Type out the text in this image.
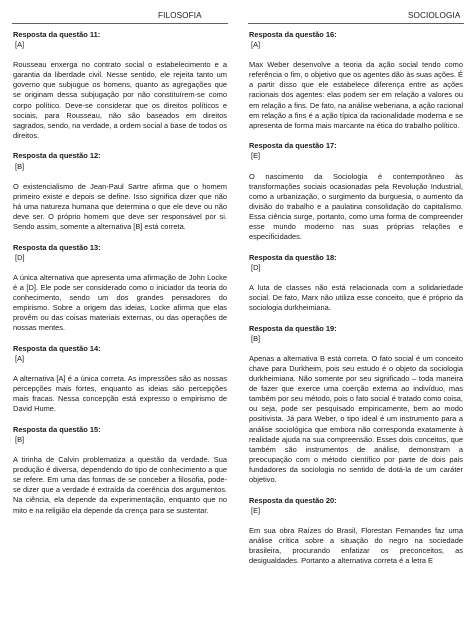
FILOSOFIA	SOCIOLOGIA
Resposta da questão 11:
[A]
Rousseau enxerga no contrato social o estabelecimento e a garantia da liberdade civil. Nesse sentido, ele rejeita tanto um governo que subjugue os homens, quanto as agregações que se originam dessa subjugação por não constituírem-se como corpo político. Deve-se considerar que os direitos políticos e sociais, para Rousseau, não são baseados em direitos sagrados, sendo, na verdade, a ordem social a base de todos os direitos.
Resposta da questão 12:
[B]
O existencialismo de Jean-Paul Sartre afirma que o homem primeiro existe e depois se define. Isso significa dizer que não há uma natureza humana que determina o que ele deve ou não deve ser. O próprio homem que deve ser responsável por si. Sendo assim, somente a alternativa [B] está correta.
Resposta da questão 13:
[D]
A única alternativa que apresenta uma afirmação de John Locke é a [D]. Ele pode ser considerado como o iniciador da teoria do conhecimento, sendo um dos grandes pensadores do empirismo. Sobre a origem das ideias, Locke afirma que elas provêm ou das coisas materiais externas, ou das operações de nossas mentes.
Resposta da questão 14:
[A]
A alternativa [A] é a única correta. As impressões são as nossas percepções mais fortes, enquanto as ideias são percepções mais fracas. Nessa concepção está expresso o empirismo de David Hume.
Resposta da questão 15:
[B]
A tirinha de Calvin problematiza a questão da verdade. Sua produção é diversa, dependendo do tipo de conhecimento a que se refere. Em uma das formas de se conceber a filosofia, pode-se dizer que a verdade é extraída da coerência dos argumentos. Na ciência, ela depende da experimentação, enquanto que no mito e na religião ela depende da crença para se sustentar.
Resposta da questão 16:
[A]
Max Weber desenvolve a teoria da ação social tendo como referência o fim, o objetivo que os agentes dão às suas ações. É a partir disso que ele estabelece diferença entre as ações racionais dos agentes: elas podem ser em relação a valores ou em relação a fins. De fato, na análise weberiana, a ação racional em relação a fins é a ação típica da racionalidade moderna e se apresenta de forma mais marcante na ética do trabalho político.
Resposta da questão 17:
[E]
O nascimento da Sociologia é contemporâneo às transformações sociais ocasionadas pela Revolução Industrial, como a urbanização, o surgimento da burguesia, o aumento da divisão do trabalho e a paulatina consolidação do capitalismo. Essa ciência surge, portanto, como uma forma de compreender esse mundo moderno nas suas próprias relações e especificidades.
Resposta da questão 18:
[D]
A luta de classes não está relacionada com a solidariedade social. De fato, Marx não utiliza esse conceito, que é próprio da sociologia durkheimiana.
Resposta da questão 19:
[B]
Apenas a alternativa B está correta. O fato social é um conceito chave para Durkheim, pois seu estudo é o objeto da sociologia durkheimiana. Não somente por seu significado – toda maneira de fazer que exerce uma coerção externa ao indivíduo, mas também por seu método, pois o fato social é tratado como coisa, ou seja, pode ser pesquisado empiricamente, bem ao modo positivista. Já para Weber, o tipo ideal é um instrumento para a análise sociológica que embora não corresponda exatamente à realidade ajuda na sua compreensão. Esses dois conceitos, que também são instrumentos de análise, demonstram a preocupação com o método científico por parte de dois pais fundadores da sociologia no sentido de dotá-la de um caráter objetivo.
Resposta da questão 20:
[E]
Em sua obra Raízes do Brasil, Florestan Fernandes faz uma análise crítica sobre a situação do negro na sociedade brasileira, procurando enfatizar os preconceitos, as desigualdades. Portanto a alternativa correta é a letra E
